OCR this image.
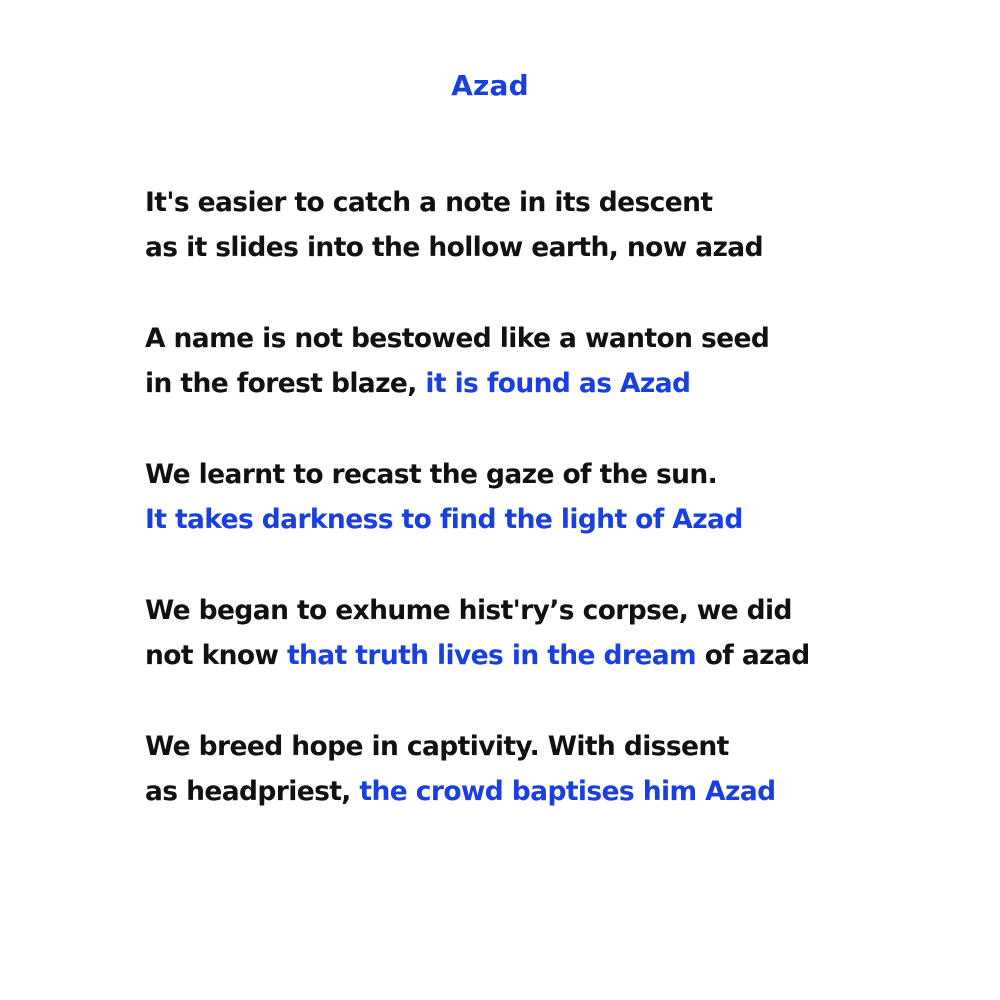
Azad
It's easier to catch a note in its descent
as it slides into the hollow earth, now azad
A name is not bestowed like a wanton seed
in the forest blaze, it is found as Azad
We learnt to recast the gaze of the sun.
It takes darkness to find the light of Azad
We began to exhume hist'ry’s corpse, we did
not know that truth lives in the dream of azad
We breed hope in captivity. With dissent
as headpriest, the crowd baptises him Azad
